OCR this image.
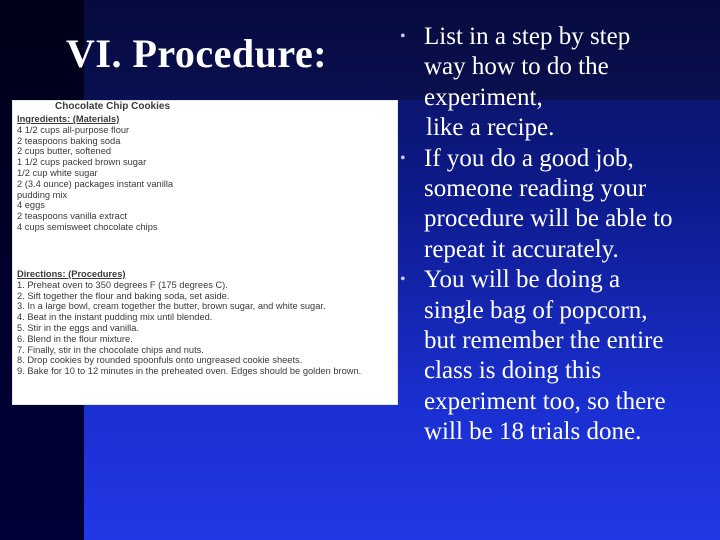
VI. Procedure:
Chocolate Chip Cookies
Ingredients: (Materials)
4 1/2 cups all-purpose flour
2 teaspoons baking soda
2 cups butter, softened
1 1/2 cups packed brown sugar
1/2 cup white sugar
2 (3.4 ounce) packages instant vanilla
pudding mix
4 eggs
2 teaspoons vanilla extract
4 cups semisweet chocolate chips
Directions: (Procedures)
1. Preheat oven to 350 degrees F (175 degrees C).
2. Sift together the flour and baking soda, set aside.
3. In a large bowl, cream together the butter, brown sugar, and white sugar.
4. Beat in the instant pudding mix until blended.
5. Stir in the eggs and vanilla.
6. Blend in the flour mixture.
7. Finally, stir in the chocolate chips and nuts.
8. Drop cookies by rounded spoonfuls onto ungreased cookie sheets.
9. Bake for 10 to 12 minutes in the preheated oven. Edges should be golden brown.
• List in a step by step
way how to do the
experiment,
like a recipe.
• If you do a good job,
someone reading your
procedure will be able to
repeat it accurately.
• You will be doing a
single bag of popcorn,
but remember the entire
class is doing this
experiment too, so there
will be 18 trials done.
